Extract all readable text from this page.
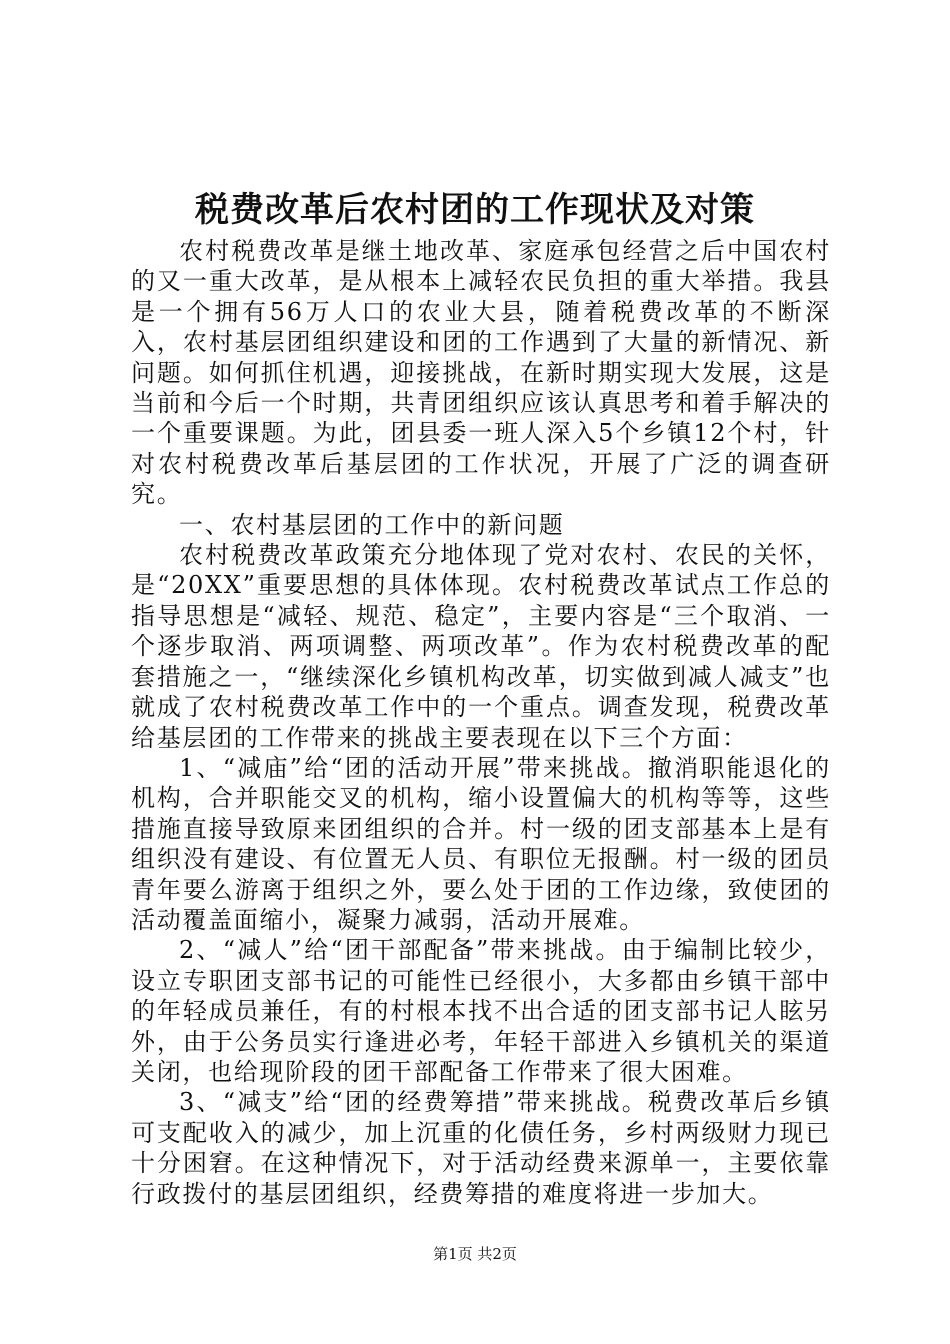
税费改革后农村团的工作现状及对策

农村税费改革是继土地改革、家庭承包经营之后中国农村的又一重大改革，是从根本上减轻农民负担的重大举措。我县是一个拥有56万人口的农业大县，随着税费改革的不断深入，农村基层团组织建设和团的工作遇到了大量的新情况、新问题。如何抓住机遇，迎接挑战，在新时期实现大发展，这是当前和今后一个时期，共青团组织应该认真思考和着手解决的一个重要课题。为此，团县委一班人深入5个乡镇12个村，针对农村税费改革后基层团的工作状况，开展了广泛的调查研究。

一、农村基层团的工作中的新问题

农村税费改革政策充分地体现了党对农村、农民的关怀，是“20XX”重要思想的具体体现。农村税费改革试点工作总的指导思想是“减轻、规范、稳定”，主要内容是“三个取消、一个逐步取消、两项调整、两项改革”。作为农村税费改革的配套措施之一，“继续深化乡镇机构改革，切实做到减人减支”也就成了农村税费改革工作中的一个重点。调查发现，税费改革给基层团的工作带来的挑战主要表现在以下三个方面：

1、“减庙”给“团的活动开展”带来挑战。撤消职能退化的机构，合并职能交叉的机构，缩小设置偏大的机构等等，这些措施直接导致原来团组织的合并。村一级的团支部基本上是有组织没有建设、有位置无人员、有职位无报酬。村一级的团员青年要么游离于组织之外，要么处于团的工作边缘，致使团的活动覆盖面缩小，凝聚力减弱，活动开展难。

2、“减人”给“团干部配备”带来挑战。由于编制比较少，设立专职团支部书记的可能性已经很小，大多都由乡镇干部中的年轻成员兼任，有的村根本找不出合适的团支部书记人眩另外，由于公务员实行逢进必考，年轻干部进入乡镇机关的渠道关闭，也给现阶段的团干部配备工作带来了很大困难。

3、“减支”给“团的经费筹措”带来挑战。税费改革后乡镇可支配收入的减少，加上沉重的化债任务，乡村两级财力现已十分困窘。在这种情况下，对于活动经费来源单一，主要依靠行政拨付的基层团组织，经费筹措的难度将进一步加大。

第1页 共2页
